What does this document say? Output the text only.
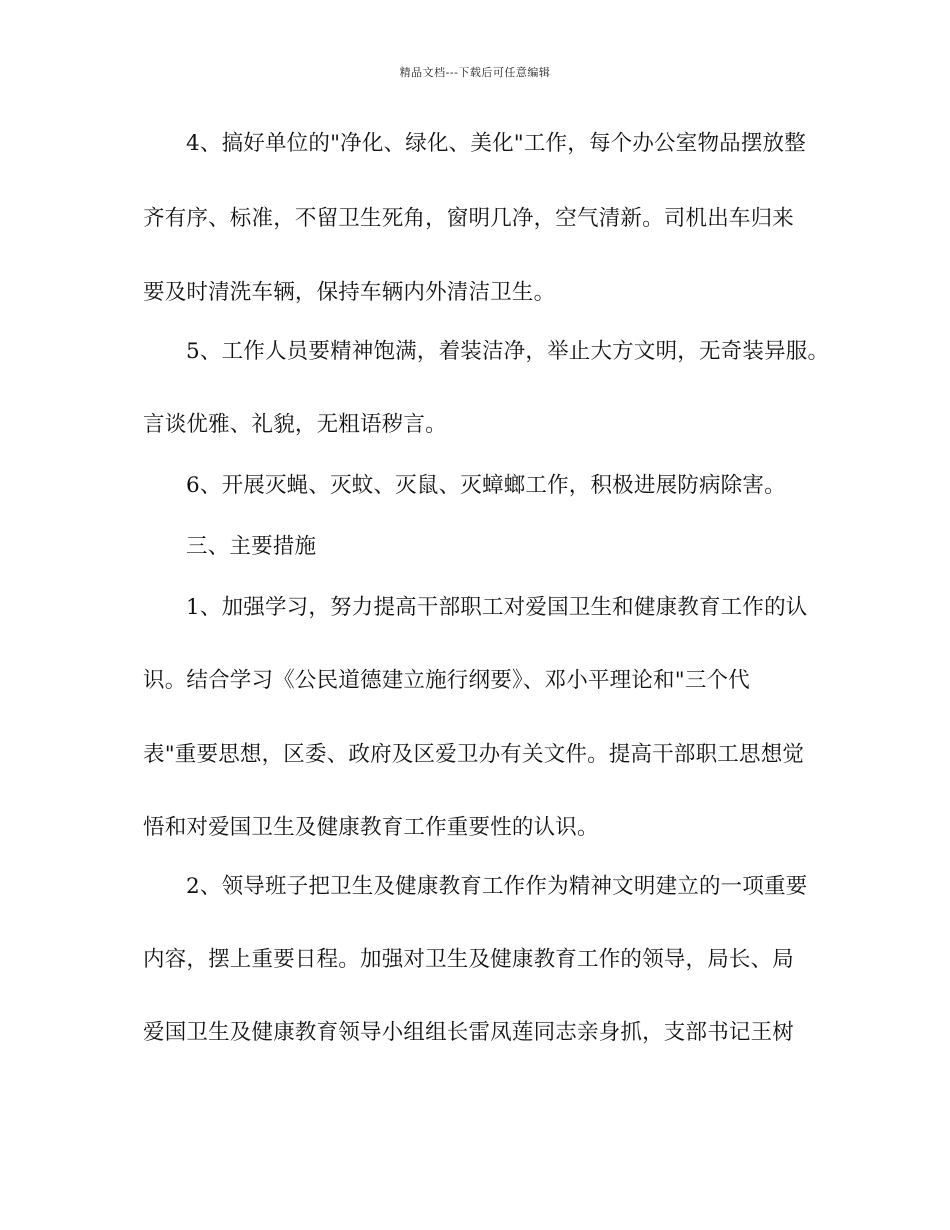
精品文档---下载后可任意编辑
4、搞好单位的"净化、绿化、美化"工作，每个办公室物品摆放整
齐有序、标准，不留卫生死角，窗明几净，空气清新。司机出车归来
要及时清洗车辆，保持车辆内外清洁卫生。
5、工作人员要精神饱满，着装洁净，举止大方文明，无奇装异服。
言谈优雅、礼貌，无粗语秽言。
6、开展灭蝇、灭蚊、灭鼠、灭蟑螂工作，积极进展防病除害。
三、主要措施
1、加强学习，努力提高干部职工对爱国卫生和健康教育工作的认
识。结合学习《公民道德建立施行纲要》、邓小平理论和"三个代
表"重要思想，区委、政府及区爱卫办有关文件。提高干部职工思想觉
悟和对爱国卫生及健康教育工作重要性的认识。
2、领导班子把卫生及健康教育工作作为精神文明建立的一项重要
内容，摆上重要日程。加强对卫生及健康教育工作的领导，局长、局
爱国卫生及健康教育领导小组组长雷凤莲同志亲身抓，支部书记王树
